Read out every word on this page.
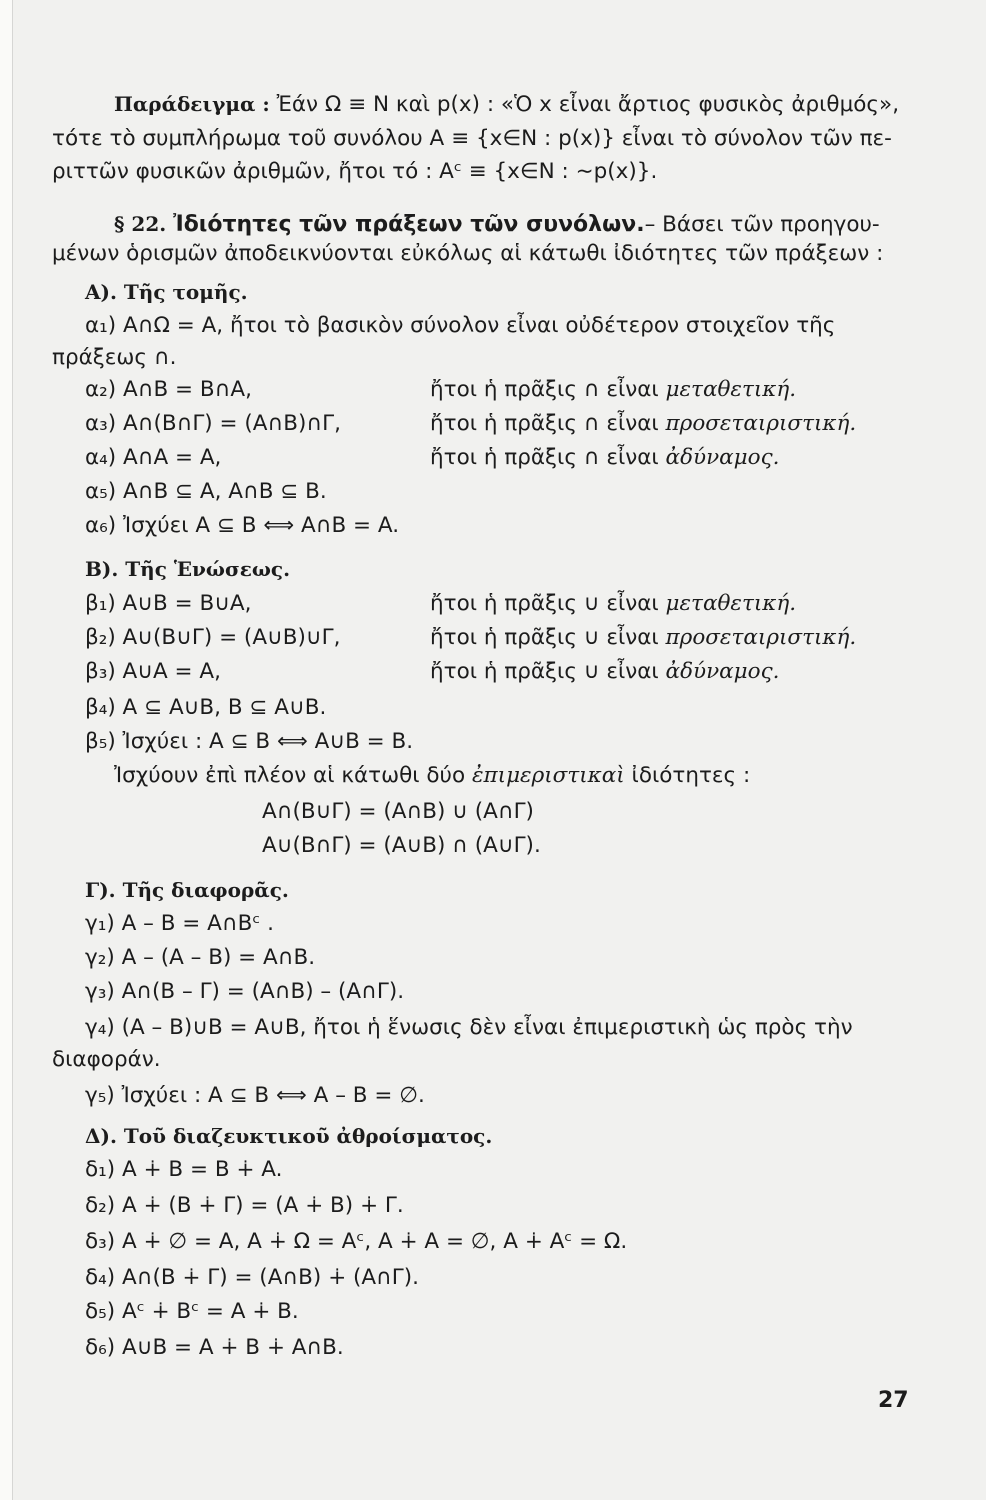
Παράδειγμα : Ἐάν Ω ≡ N καὶ p(x) : «Ὁ x εἶναι ἄρτιος φυσικὸς ἀριθμός»,
τότε τὸ συμπλήρωμα τοῦ συνόλου A ≡ {x∈N : p(x)} εἶναι τὸ σύνολον τῶν πε-
ριττῶν φυσικῶν ἀριθμῶν, ἤτοι τό : Aᶜ ≡ {x∈N : ∼p(x)}.
§ 22. Ἰδιότητες τῶν πράξεων τῶν συνόλων.– Βάσει τῶν προηγου-
μένων ὁρισμῶν ἀποδεικνύονται εὐκόλως αἱ κάτωθι ἰδιότητες τῶν πράξεων :
A). Τῆς τομῆς.
α₁) A∩Ω = A, ἤτοι τὸ βασικὸν σύνολον εἶναι οὐδέτερον στοιχεῖον τῆς
πράξεως ∩.
α₂) A∩B = B∩A,	ἤτοι ἡ πρᾶξις ∩ εἶναι μεταθετική.
α₃) A∩(B∩Γ) = (A∩B)∩Γ,	ἤτοι ἡ πρᾶξις ∩ εἶναι προσεταιριστική.
α₄) A∩A = A,	ἤτοι ἡ πρᾶξις ∩ εἶναι ἀδύναμος.
α₅) A∩B ⊆ A, A∩B ⊆ B.
α₆) Ἰσχύει A ⊆ B ⟺ A∩B = A.
B). Τῆς Ἑνώσεως.
β₁) A∪B = B∪A,	ἤτοι ἡ πρᾶξις ∪ εἶναι μεταθετική.
β₂) A∪(B∪Γ) = (A∪B)∪Γ,	ἤτοι ἡ πρᾶξις ∪ εἶναι προσεταιριστική.
β₃) A∪A = A,	ἤτοι ἡ πρᾶξις ∪ εἶναι ἀδύναμος.
β₄) A ⊆ A∪B, B ⊆ A∪B.
β₅) Ἰσχύει : A ⊆ B ⟺ A∪B = B.
Ἰσχύουν ἐπὶ πλέον αἱ κάτωθι δύο ἐπιμεριστικαὶ ἰδιότητες :
A∩(B∪Γ) = (A∩B) ∪ (A∩Γ)
A∪(B∩Γ) = (A∪B) ∩ (A∪Γ).
Γ). Τῆς διαφορᾶς.
γ₁) A – B = A∩Bᶜ .
γ₂) A – (A – B) = A∩B.
γ₃) A∩(B – Γ) = (A∩B) – (A∩Γ).
γ₄) (A – B)∪B = A∪B, ἤτοι ἡ ἕνωσις δὲν εἶναι ἐπιμεριστικὴ ὡς πρὸς τὴν
διαφοράν.
γ₅) Ἰσχύει : A ⊆ B ⟺ A – B = ∅.
Δ). Τοῦ διαζευκτικοῦ ἀθροίσματος.
δ₁) A ∔ B = B ∔ A.
δ₂) A ∔ (B ∔ Γ) = (A ∔ B) ∔ Γ.
δ₃) A ∔ ∅ = A, A ∔ Ω = Aᶜ, A ∔ A = ∅, A ∔ Aᶜ = Ω.
δ₄) A∩(B ∔ Γ) = (A∩B) ∔ (A∩Γ).
δ₅) Aᶜ ∔ Bᶜ = A ∔ B.
δ₆) A∪B = A ∔ B ∔ A∩B.
27
